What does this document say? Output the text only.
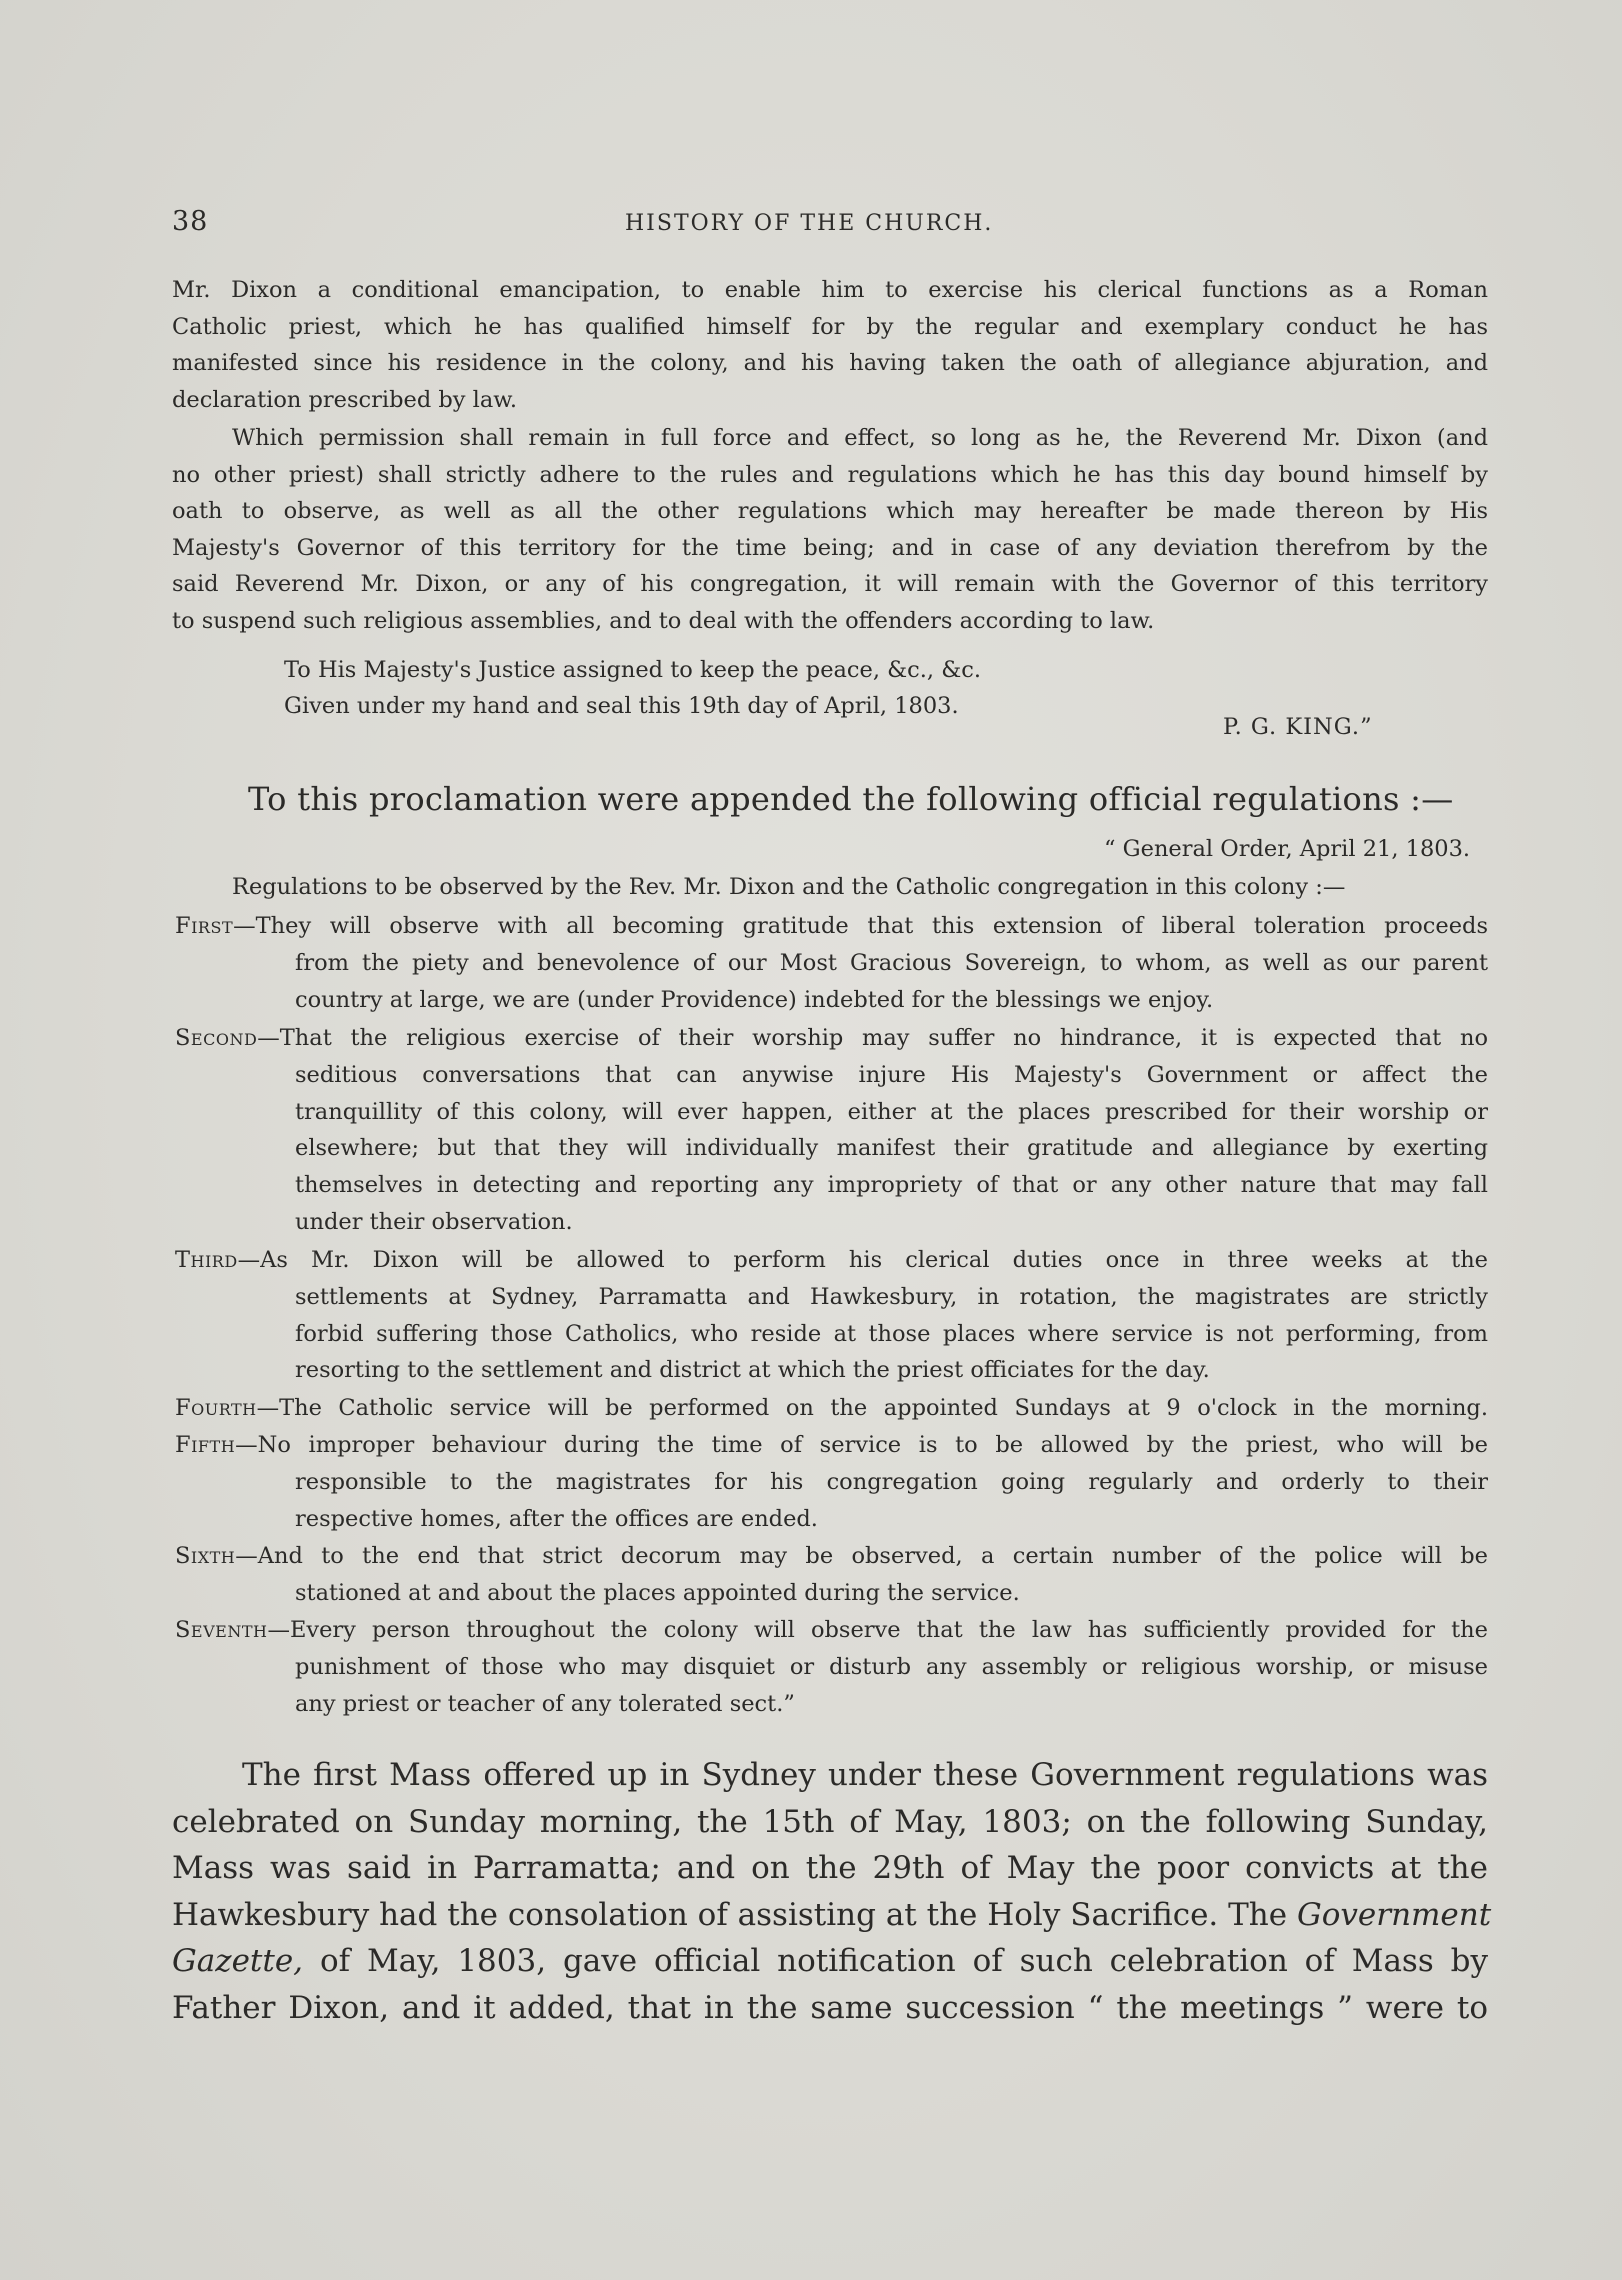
38	HISTORY OF THE CHURCH.
Mr. Dixon a conditional emancipation, to enable him to exercise his clerical functions as a Roman
Catholic priest, which he has qualified himself for by the regular and exemplary conduct he has
manifested since his residence in the colony, and his having taken the oath of allegiance abjuration, and
declaration prescribed by law.
Which permission shall remain in full force and effect, so long as he, the Reverend Mr. Dixon (and
no other priest) shall strictly adhere to the rules and regulations which he has this day bound himself by
oath to observe, as well as all the other regulations which may hereafter be made thereon by His
Majesty's Governor of this territory for the time being; and in case of any deviation therefrom by the
said Reverend Mr. Dixon, or any of his congregation, it will remain with the Governor of this territory
to suspend such religious assemblies, and to deal with the offenders according to law.
To His Majesty's Justice assigned to keep the peace, &c., &c.
Given under my hand and seal this 19th day of April, 1803.
P. G. KING.”
To this proclamation were appended the following official regulations :—
“ General Order, April 21, 1803.
Regulations to be observed by the Rev. Mr. Dixon and the Catholic congregation in this colony :—
First—They will observe with all becoming gratitude that this extension of liberal toleration proceeds
from the piety and benevolence of our Most Gracious Sovereign, to whom, as well as our parent
country at large, we are (under Providence) indebted for the blessings we enjoy.
Second—That the religious exercise of their worship may suffer no hindrance, it is expected that no
seditious conversations that can anywise injure His Majesty's Government or affect the
tranquillity of this colony, will ever happen, either at the places prescribed for their worship or
elsewhere; but that they will individually manifest their gratitude and allegiance by exerting
themselves in detecting and reporting any impropriety of that or any other nature that may fall
under their observation.
Third—As Mr. Dixon will be allowed to perform his clerical duties once in three weeks at the
settlements at Sydney, Parramatta and Hawkesbury, in rotation, the magistrates are strictly
forbid suffering those Catholics, who reside at those places where service is not performing, from
resorting to the settlement and district at which the priest officiates for the day.
Fourth—The Catholic service will be performed on the appointed Sundays at 9 o'clock in the morning.
Fifth—No improper behaviour during the time of service is to be allowed by the priest, who will be
responsible to the magistrates for his congregation going regularly and orderly to their
respective homes, after the offices are ended.
Sixth—And to the end that strict decorum may be observed, a certain number of the police will be
stationed at and about the places appointed during the service.
Seventh—Every person throughout the colony will observe that the law has sufficiently provided for the
punishment of those who may disquiet or disturb any assembly or religious worship, or misuse
any priest or teacher of any tolerated sect.”
The first Mass offered up in Sydney under these Government regulations was
celebrated on Sunday morning, the 15th of May, 1803; on the following Sunday,
Mass was said in Parramatta; and on the 29th of May the poor convicts at the
Hawkesbury had the consolation of assisting at the Holy Sacrifice. The Government
Gazette, of May, 1803, gave official notification of such celebration of Mass by
Father Dixon, and it added, that in the same succession “ the meetings ” were to
